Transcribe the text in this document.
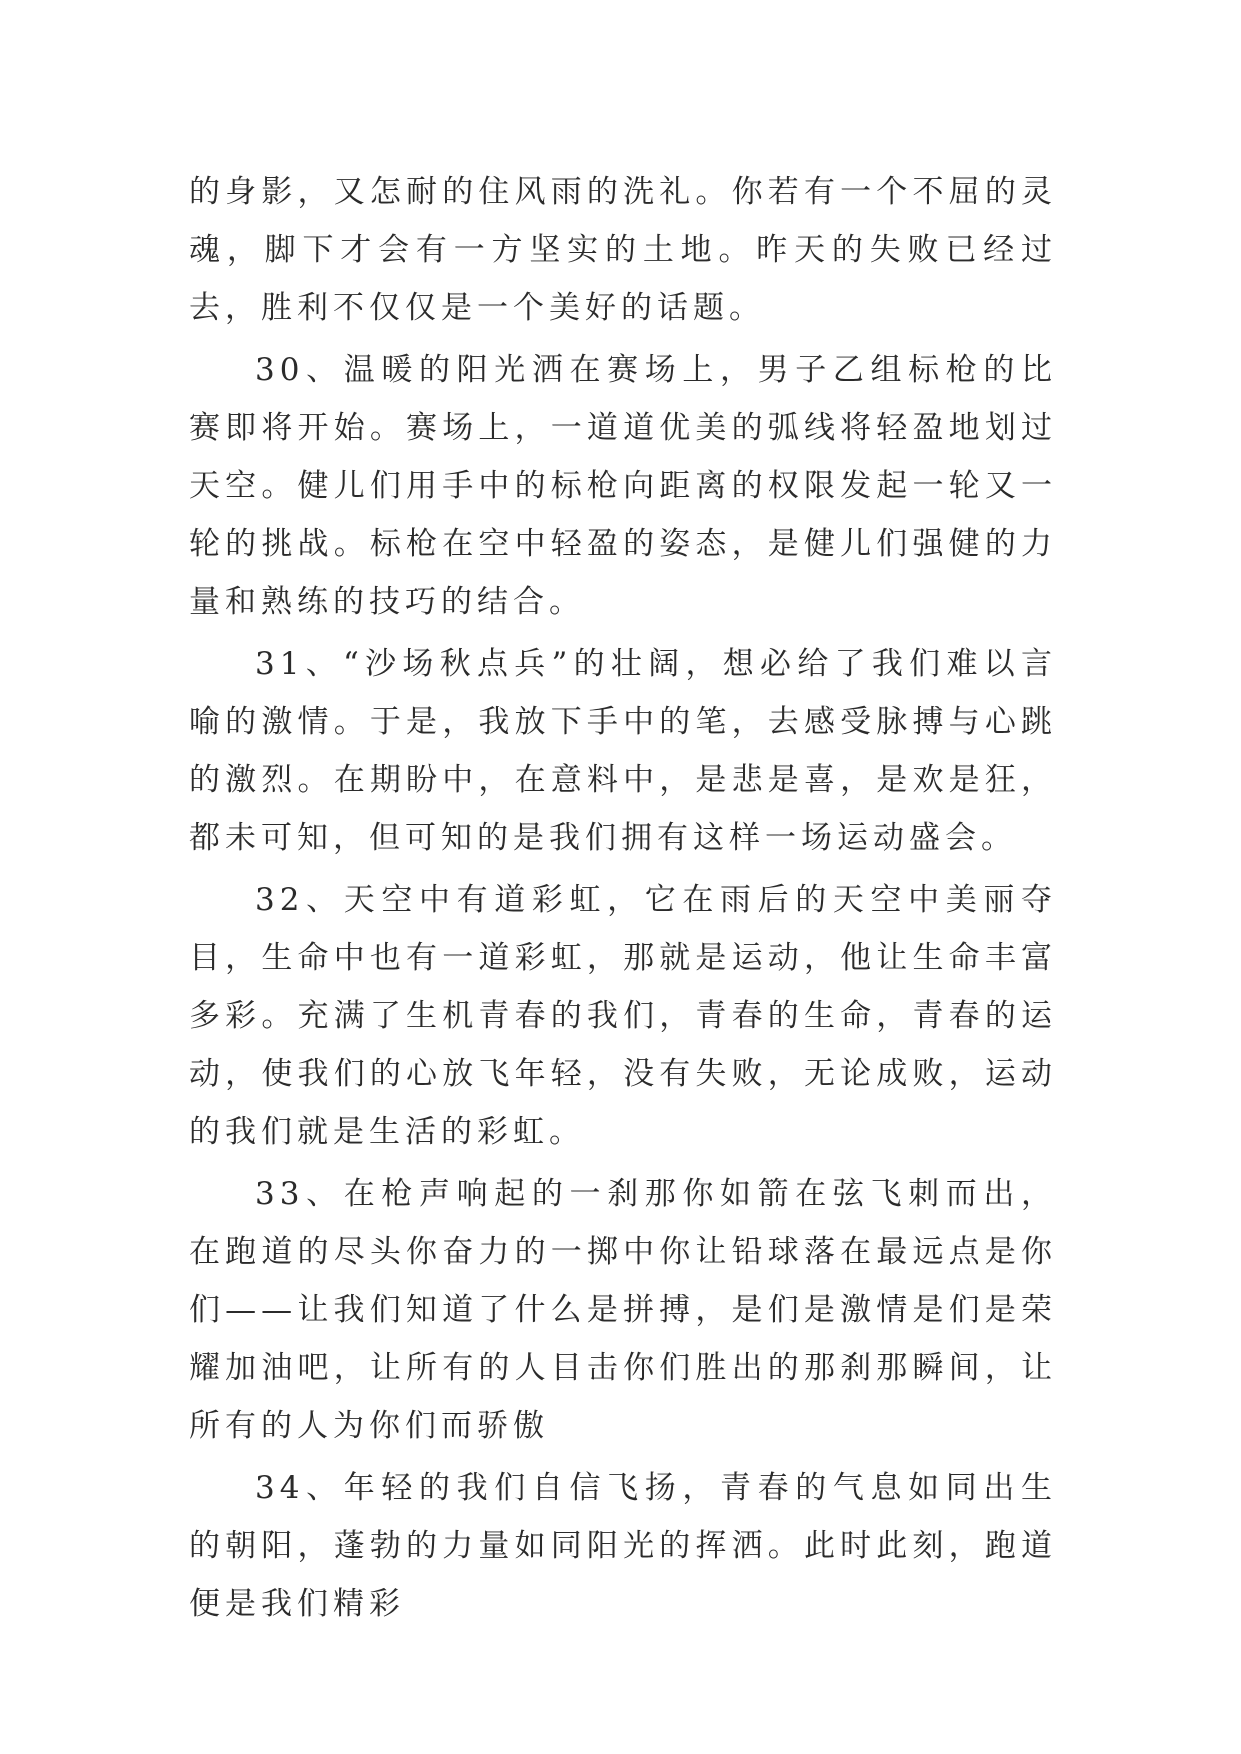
的身影，又怎耐的住风雨的洗礼。你若有一个不屈的灵魂，脚下才会有一方坚实的土地。昨天的失败已经过去，胜利不仅仅是一个美好的话题。

30、温暖的阳光洒在赛场上，男子乙组标枪的比赛即将开始。赛场上，一道道优美的弧线将轻盈地划过天空。健儿们用手中的标枪向距离的权限发起一轮又一轮的挑战。标枪在空中轻盈的姿态，是健儿们强健的力量和熟练的技巧的结合。

31、“沙场秋点兵”的壮阔，想必给了我们难以言喻的激情。于是，我放下手中的笔，去感受脉搏与心跳的激烈。在期盼中，在意料中，是悲是喜，是欢是狂，都未可知，但可知的是我们拥有这样一场运动盛会。

32、天空中有道彩虹，它在雨后的天空中美丽夺目，生命中也有一道彩虹，那就是运动，他让生命丰富多彩。充满了生机青春的我们，青春的生命，青春的运动，使我们的心放飞年轻，没有失败，无论成败，运动的我们就是生活的彩虹。

33、在枪声响起的一刹那你如箭在弦飞刺而出，在跑道的尽头你奋力的一掷中你让铅球落在最远点是你们——让我们知道了什么是拼搏，是们是激情是们是荣耀加油吧，让所有的人目击你们胜出的那刹那瞬间，让所有的人为你们而骄傲

34、年轻的我们自信飞扬，青春的气息如同出生的朝阳，蓬勃的力量如同阳光的挥洒。此时此刻，跑道便是我们精彩
